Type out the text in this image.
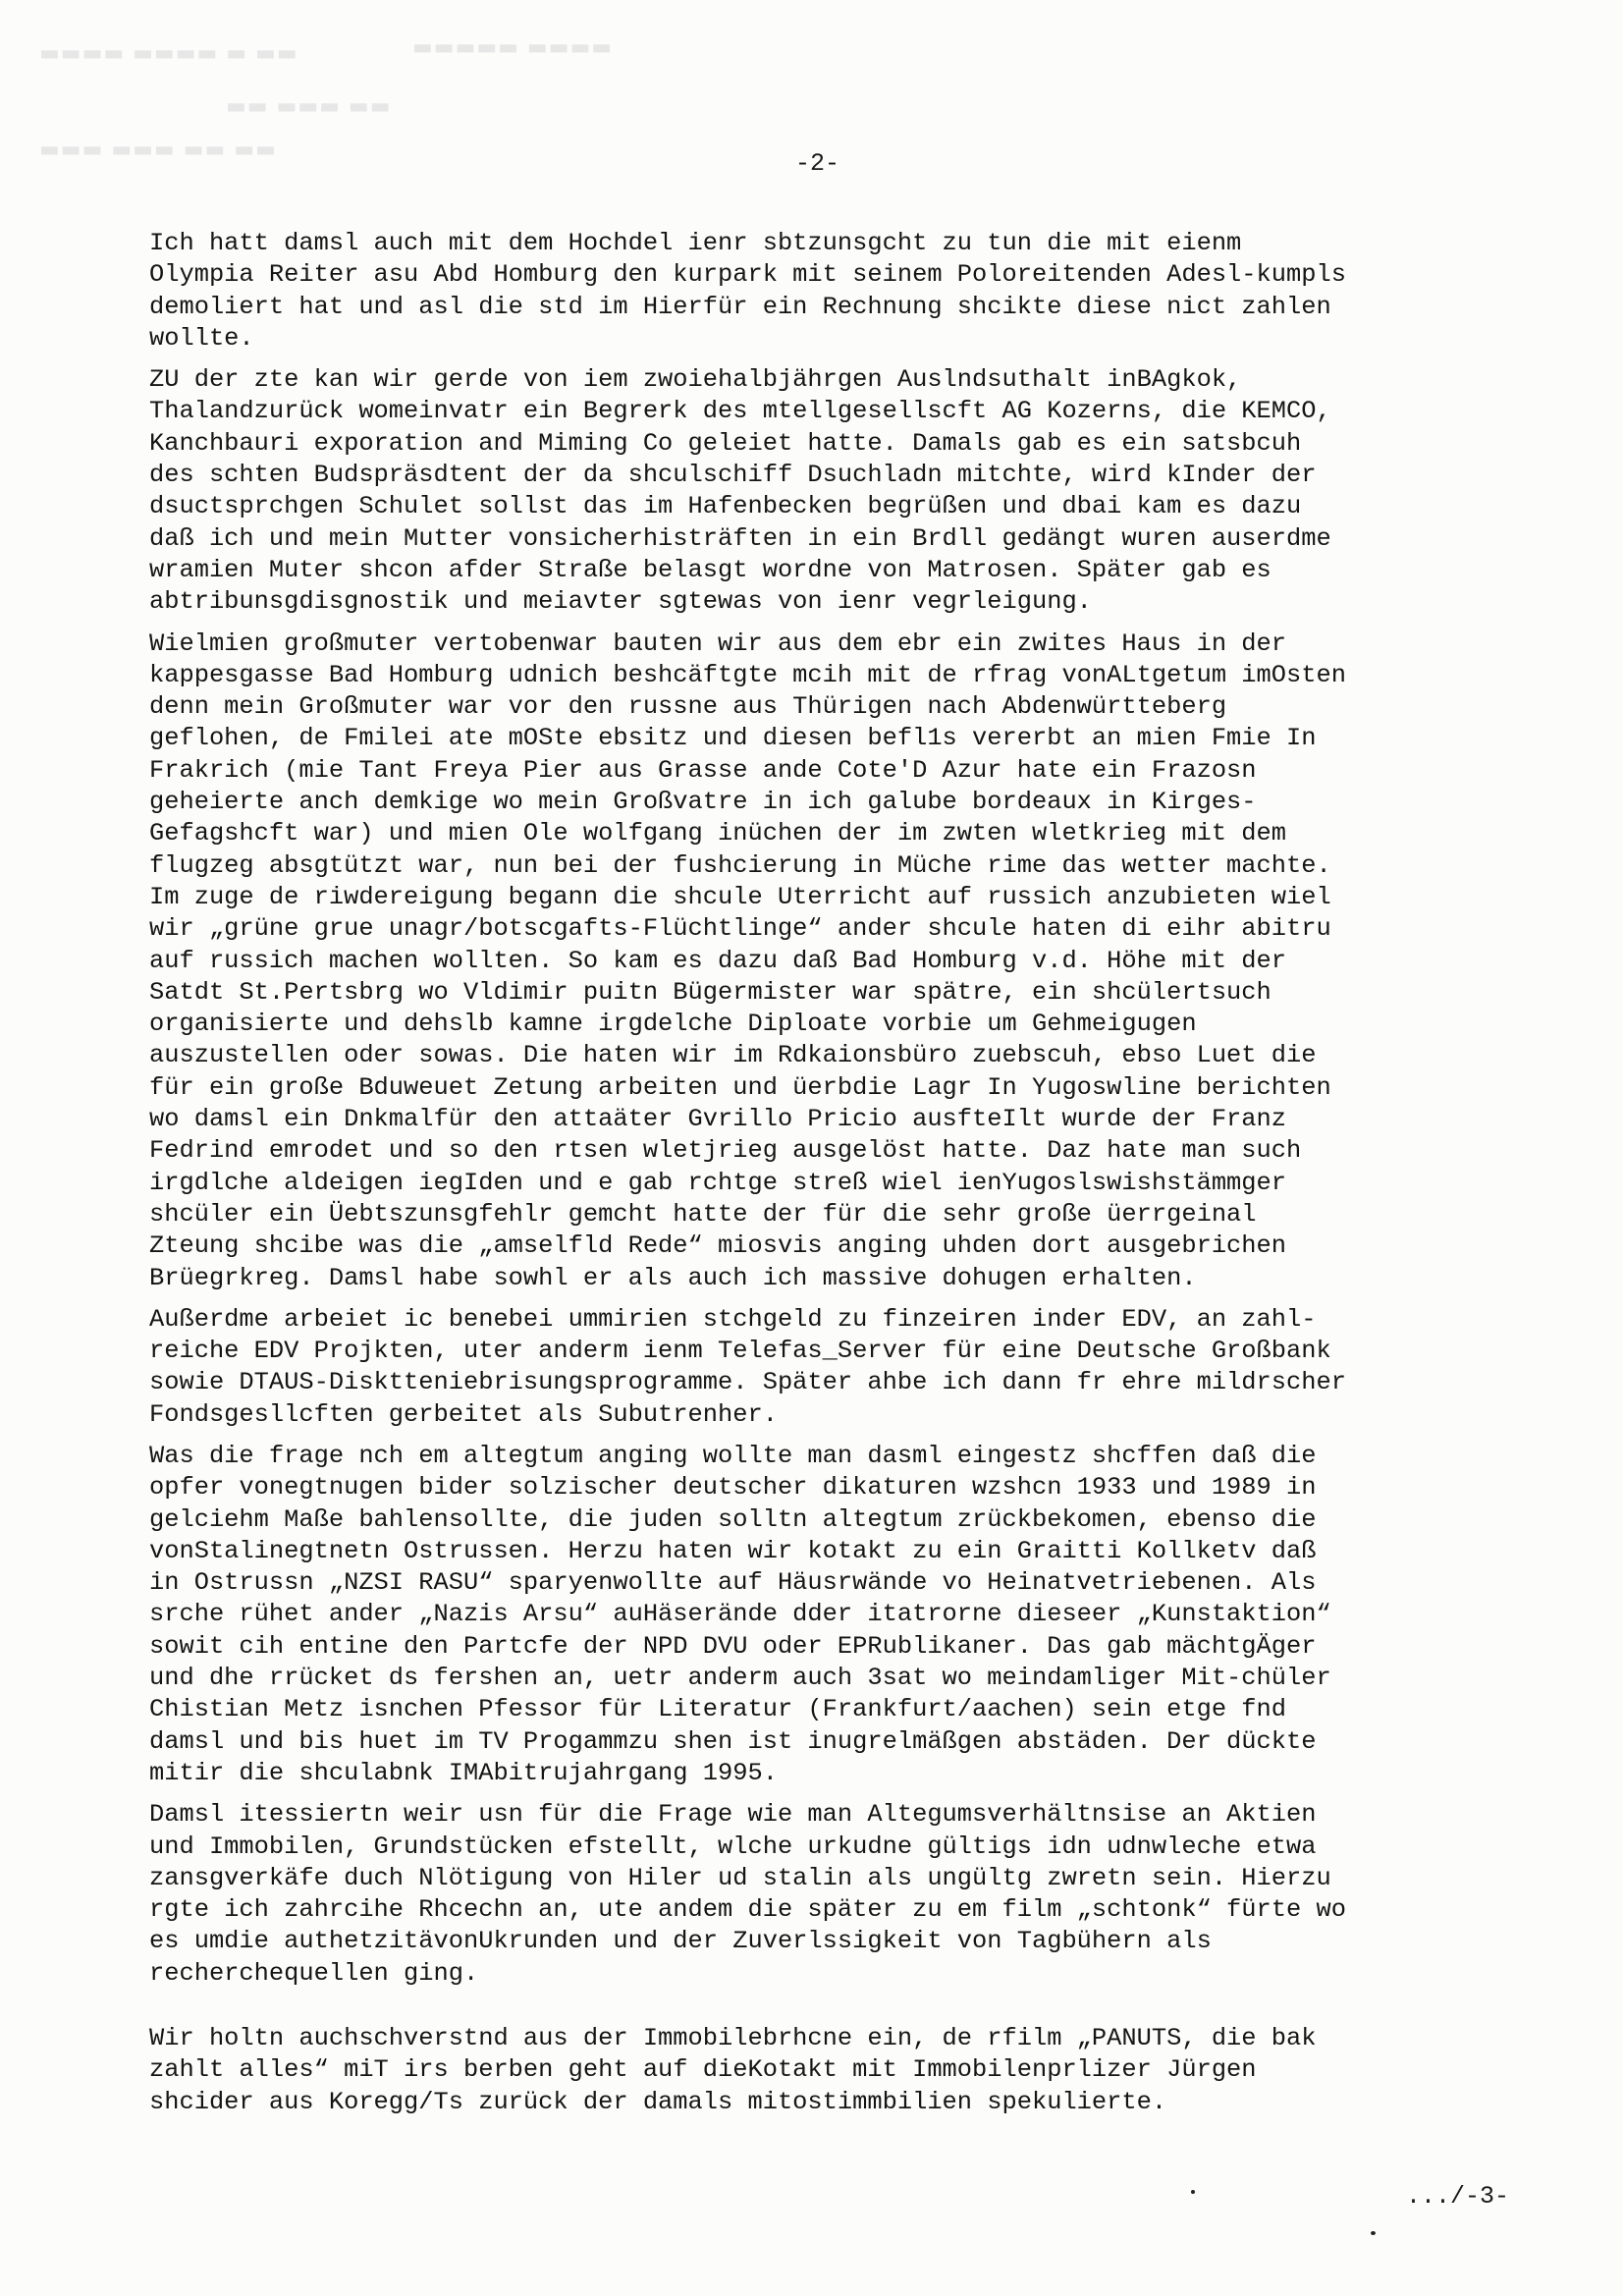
▬▬▬▬ ▬▬▬▬ ▬ ▬▬	▬▬▬▬▬ ▬▬▬▬
▬▬ ▬▬▬ ▬▬
▬▬▬ ▬▬▬ ▬▬ ▬▬	-2-
Ich hatt damsl auch mit dem Hochdel ienr sbtzunsgcht zu tun die mit eienm
Olympia Reiter asu Abd Homburg den kurpark mit seinem Poloreitenden Adesl-kumpls
demoliert hat und asl die std im Hierfür ein Rechnung shcikte diese nict zahlen
wollte.
ZU der zte kan wir gerde von iem zwoiehalbjährgen Auslndsuthalt inBAgkok,
Thalandzurück womeinvatr ein Begrerk des mtellgesellscft AG Kozerns, die KEMCO,
Kanchbauri exporation and Miming Co geleiet hatte. Damals gab es ein satsbcuh
des schten Budspräsdtent der da shculschiff Dsuchladn mitchte, wird kInder der
dsuctsprchgen Schulet sollst das im Hafenbecken begrüßen und dbai kam es dazu
daß ich und mein Mutter vonsicherhisträften in ein Brdll gedängt wuren auserdme
wramien Muter shcon afder Straße belasgt wordne von Matrosen. Später gab es
abtribunsgdisgnostik und meiavter sgtewas von ienr vegrleigung.
Wielmien großmuter vertobenwar bauten wir aus dem ebr ein zwites Haus in der
kappesgasse Bad Homburg udnich beshcäftgte mcih mit de rfrag vonALtgetum imOsten
denn mein Großmuter war vor den russne aus Thürigen nach Abdenwürtteberg
geflohen, de Fmilei ate mOSte ebsitz und diesen befl1s vererbt an mien Fmie In
Frakrich (mie Tant Freya Pier aus Grasse ande Cote'D Azur hate ein Frazosn
geheierte anch demkige wo mein Großvatre in ich galube bordeaux in Kirges-
Gefagshcft war) und mien Ole wolfgang inüchen der im zwten wletkrieg mit dem
flugzeg absgtützt war, nun bei der fushcierung in Müche rime das wetter machte.
Im zuge de riwdereigung begann die shcule Uterricht auf russich anzubieten wiel
wir „grüne grue unagr/botscgafts-Flüchtlinge“ ander shcule haten di eihr abitru
auf russich machen wollten. So kam es dazu daß Bad Homburg v.d. Höhe mit der
Satdt St.Pertsbrg wo Vldimir puitn Bügermister war spätre, ein shcülertsuch
organisierte und dehslb kamne irgdelche Diploate vorbie um Gehmeigugen
auszustellen oder sowas. Die haten wir im Rdkaionsbüro zuebscuh, ebso Luet die
für ein große Bduweuet Zetung arbeiten und üerbdie Lagr In Yugoswline berichten
wo damsl ein Dnkmalfür den attaäter Gvrillo Pricio ausfteIlt wurde der Franz
Fedrind emrodet und so den rtsen wletjrieg ausgelöst hatte. Daz hate man such
irgdlche aldeigen iegIden und e gab rchtge streß wiel ienYugoslswishstämmger
shcüler ein Üebtszunsgfehlr gemcht hatte der für die sehr große üerrgeinal
Zteung shcibe was die „amselfld Rede“ miosvis anging uhden dort ausgebrichen
Brüegrkreg. Damsl habe sowhl er als auch ich massive dohugen erhalten.
Außerdme arbeiet ic benebei ummirien stchgeld zu finzeiren inder EDV, an zahl-
reiche EDV Projkten, uter anderm ienm Telefas_Server für eine Deutsche Großbank
sowie DTAUS-Disktteniebrisungsprogramme. Später ahbe ich dann fr ehre mildrscher
Fondsgesllcften gerbeitet als Subutrenher.
Was die frage nch em altegtum anging wollte man dasml eingestz shcffen daß die
opfer vonegtnugen bider solzischer deutscher dikaturen wzshcn 1933 und 1989 in
gelciehm Maße bahlensollte, die juden solltn altegtum zrückbekomen, ebenso die
vonStalinegtnetn Ostrussen. Herzu haten wir kotakt zu ein Graitti Kollketv daß
in Ostrussn „NZSI RASU“ sparyenwollte auf Häusrwände vo Heinatvetriebenen. Als
srche rühet ander „Nazis Arsu“ auHäserände dder itatrorne dieseer „Kunstaktion“
sowit cih entine den Partcfe der NPD DVU oder EPRublikaner. Das gab mächtgÄger
und dhe rrücket ds fershen an, uetr anderm auch 3sat wo meindamliger Mit-chüler
Chistian Metz isnchen Pfessor für Literatur (Frankfurt/aachen) sein etge fnd
damsl und bis huet im TV Progammzu shen ist inugrelmäßgen abstäden. Der dückte
mitir die shculabnk IMAbitrujahrgang 1995.
Damsl itessiertn weir usn für die Frage wie man Altegumsverhältnsise an Aktien
und Immobilen, Grundstücken efstellt, wlche urkudne gültigs idn udnwleche etwa
zansgverkäfe duch Nlötigung von Hiler ud stalin als ungültg zwretn sein. Hierzu
rgte ich zahrcihe Rhcechn an, ute andem die später zu em film „schtonk“ fürte wo
es umdie authetzitävonUkrunden und der Zuverlssigkeit von Tagbühern als
recherchequellen ging.
Wir holtn auchschverstnd aus der Immobilebrhcne ein, de rfilm „PANUTS, die bak
zahlt alles“ miT irs berben geht auf dieKotakt mit Immobilenprlizer Jürgen
shcider aus Koregg/Ts zurück der damals mitostimmbilien spekulierte.
.../-3-
